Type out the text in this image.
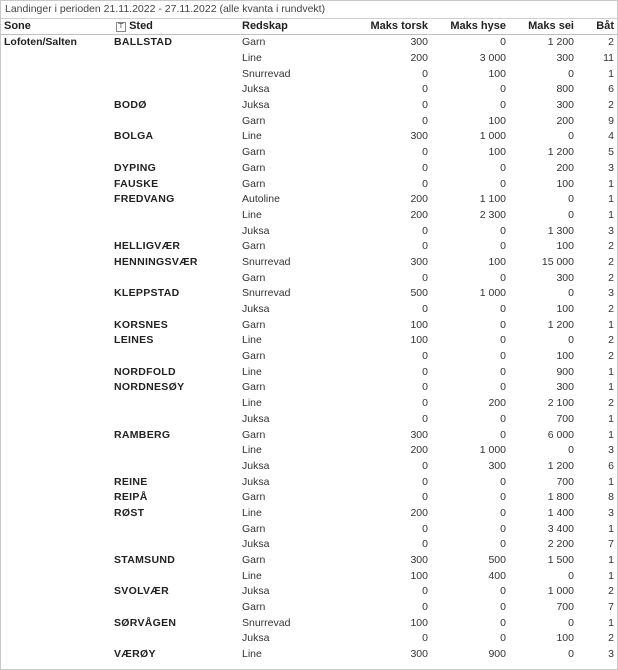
Landinger i perioden 21.11.2022 - 27.11.2022 (alle kvanta i rundvekt)
Sone	⊤ Sted	Redskap	Maks torsk	Maks hyse	Maks sei	Båt
Lofoten/Salten	BALLSTAD	Garn	300	0	1 200	2
		Line	200	3 000	300	11
		Snurrevad	0	100	0	1
		Juksa	0	0	800	6
	BODØ	Juksa	0	0	300	2
		Garn	0	100	200	9
	BOLGA	Line	300	1 000	0	4
		Garn	0	100	1 200	5
	DYPING	Garn	0	0	200	3
	FAUSKE	Garn	0	0	100	1
	FREDVANG	Autoline	200	1 100	0	1
		Line	200	2 300	0	1
		Juksa	0	0	1 300	3
	HELLIGVÆR	Garn	0	0	100	2
	HENNINGSVÆR	Snurrevad	300	100	15 000	2
		Garn	0	0	300	2
	KLEPPSTAD	Snurrevad	500	1 000	0	3
		Juksa	0	0	100	2
	KORSNES	Garn	100	0	1 200	1
	LEINES	Line	100	0	0	2
		Garn	0	0	100	2
	NORDFOLD	Line	0	0	900	1
	NORDNESØY	Garn	0	0	300	1
		Line	0	200	2 100	2
		Juksa	0	0	700	1
	RAMBERG	Garn	300	0	6 000	1
		Line	200	1 000	0	3
		Juksa	0	300	1 200	6
	REINE	Juksa	0	0	700	1
	REIPÅ	Garn	0	0	1 800	8
	RØST	Line	200	0	1 400	3
		Garn	0	0	3 400	1
		Juksa	0	0	2 200	7
	STAMSUND	Garn	300	500	1 500	1
		Line	100	400	0	1
	SVOLVÆR	Juksa	0	0	1 000	2
		Garn	0	0	700	7
	SØRVÅGEN	Snurrevad	100	0	0	1
		Juksa	0	0	100	2
	VÆRØY	Line	300	900	0	3
